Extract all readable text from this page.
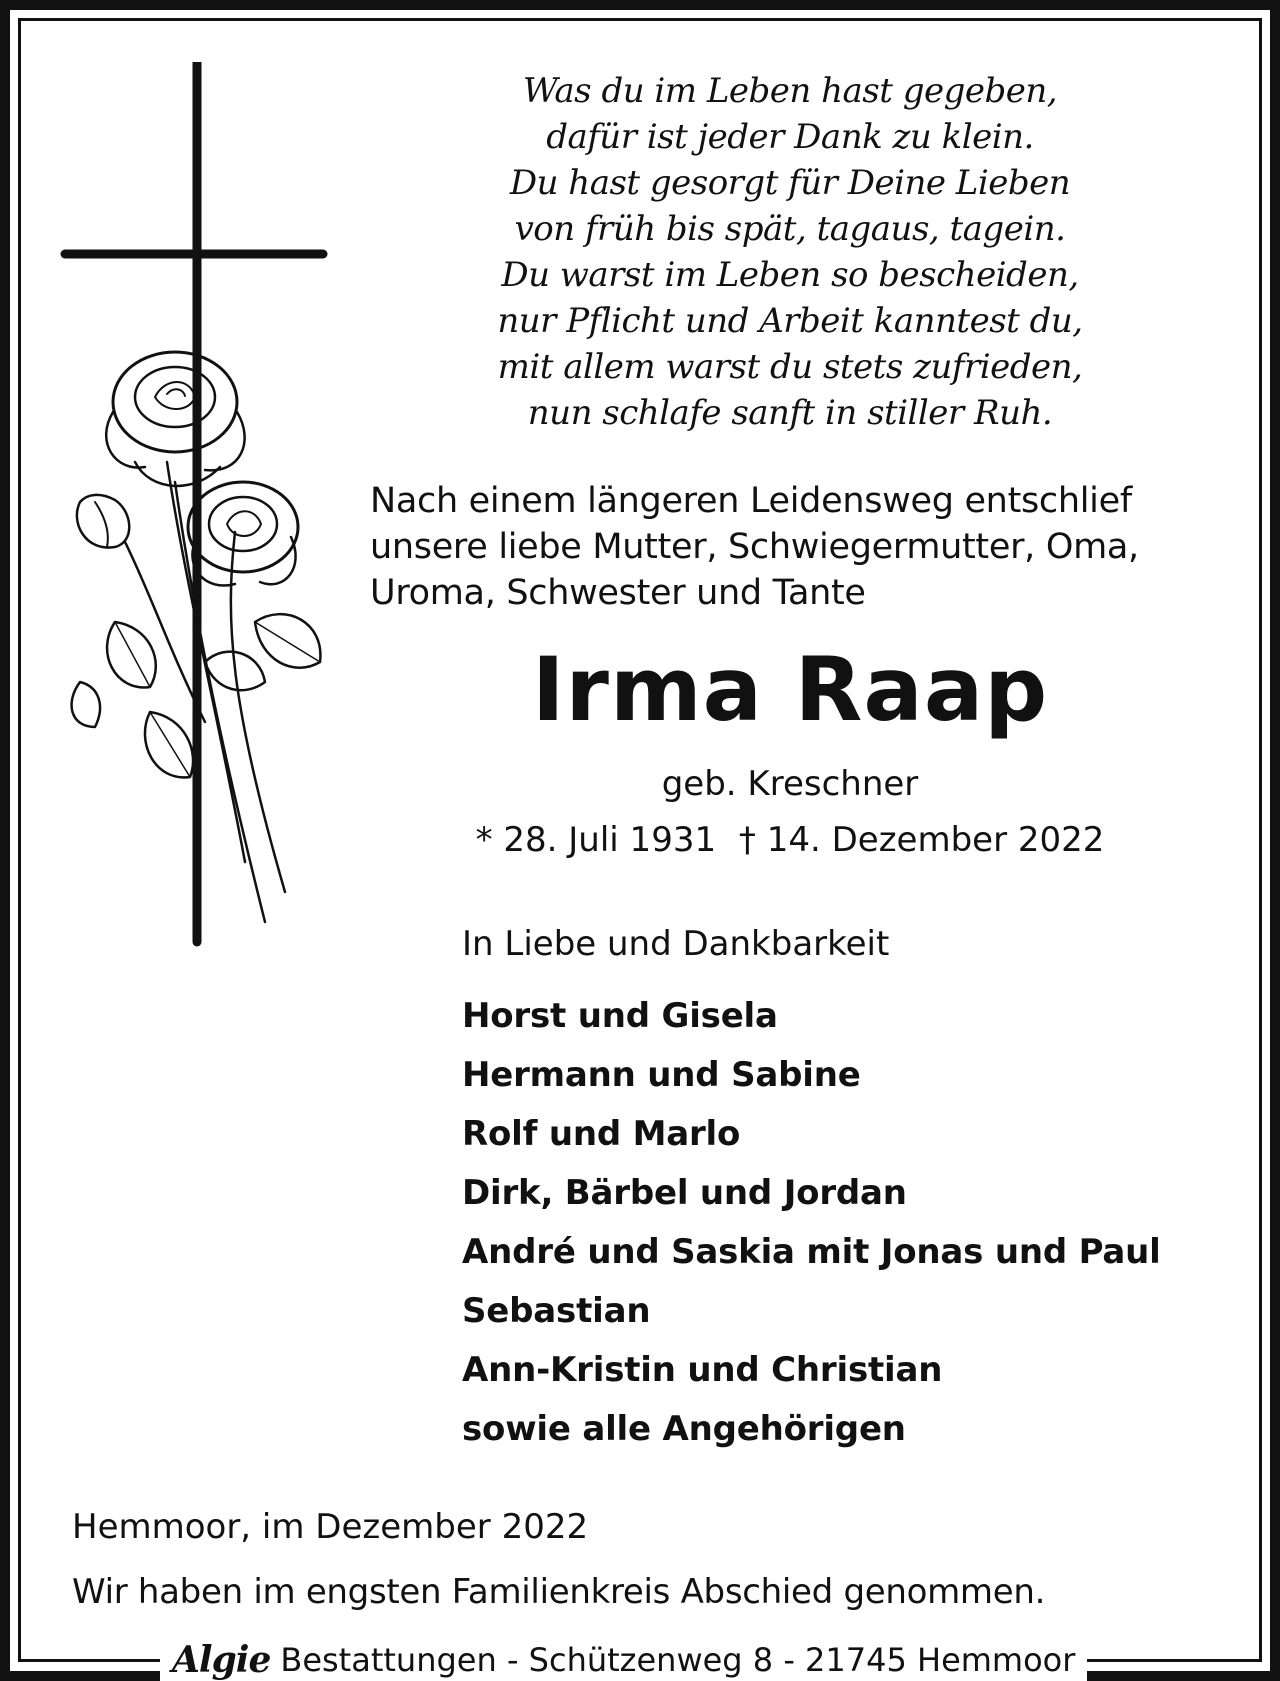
Was du im Leben hast gegeben,
dafür ist jeder Dank zu klein.
Du hast gesorgt für Deine Lieben
von früh bis spät, tagaus, tagein.
Du warst im Leben so bescheiden,
nur Pflicht und Arbeit kanntest du,
mit allem warst du stets zufrieden,
nun schlafe sanft in stiller Ruh.
Nach einem längeren Leidensweg entschlief
unsere liebe Mutter, Schwiegermutter, Oma,
Uroma, Schwester und Tante
Irma Raap
geb. Kreschner
* 28. Juli 1931 † 14. Dezember 2022
In Liebe und Dankbarkeit
Horst und Gisela
Hermann und Sabine
Rolf und Marlo
Dirk, Bärbel und Jordan
André und Saskia mit Jonas und Paul
Sebastian
Ann-Kristin und Christian
sowie alle Angehörigen
Hemmoor, im Dezember 2022
Wir haben im engsten Familienkreis Abschied genommen.
Algie Bestattungen - Schützenweg 8 - 21745 Hemmoor
